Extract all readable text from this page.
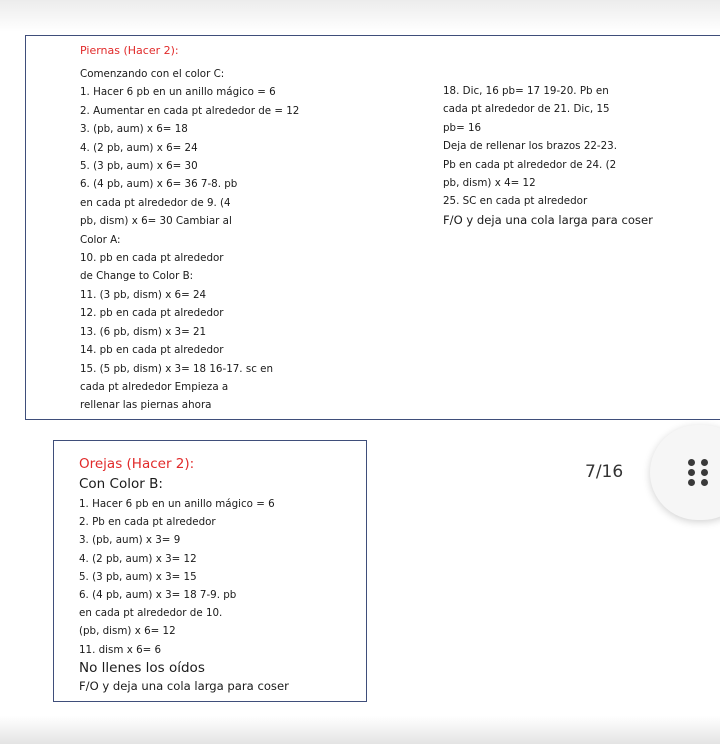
Piernas (Hacer 2):
Comenzando con el color C:
1. Hacer 6 pb en un anillo mágico = 6
2. Aumentar en cada pt alrededor de = 12
3. (pb, aum) x 6= 18
4. (2 pb, aum) x 6= 24
5. (3 pb, aum) x 6= 30
6. (4 pb, aum) x 6= 36 7-8. pb
en cada pt alrededor de 9. (4
pb, dism) x 6= 30 Cambiar al
Color A:
10. pb en cada pt alrededor
de Change to Color B:
11. (3 pb, dism) x 6= 24
12. pb en cada pt alrededor
13. (6 pb, dism) x 3= 21
14. pb en cada pt alrededor
15. (5 pb, dism) x 3= 18 16-17. sc en
cada pt alrededor Empieza a
rellenar las piernas ahora
18. Dic, 16 pb= 17 19-20. Pb en
cada pt alrededor de 21. Dic, 15
pb= 16
Deja de rellenar los brazos 22-23.
Pb en cada pt alrededor de 24. (2
pb, dism) x 4= 12
25. SC en cada pt alrededor
F/O y deja una cola larga para coser
Orejas (Hacer 2):
Con Color B:
1. Hacer 6 pb en un anillo mágico = 6
2. Pb en cada pt alrededor
3. (pb, aum) x 3= 9
4. (2 pb, aum) x 3= 12
5. (3 pb, aum) x 3= 15
6. (4 pb, aum) x 3= 18 7-9. pb
en cada pt alrededor de 10.
(pb, dism) x 6= 12
11. dism x 6= 6
No llenes los oídos
F/O y deja una cola larga para coser
7/16
